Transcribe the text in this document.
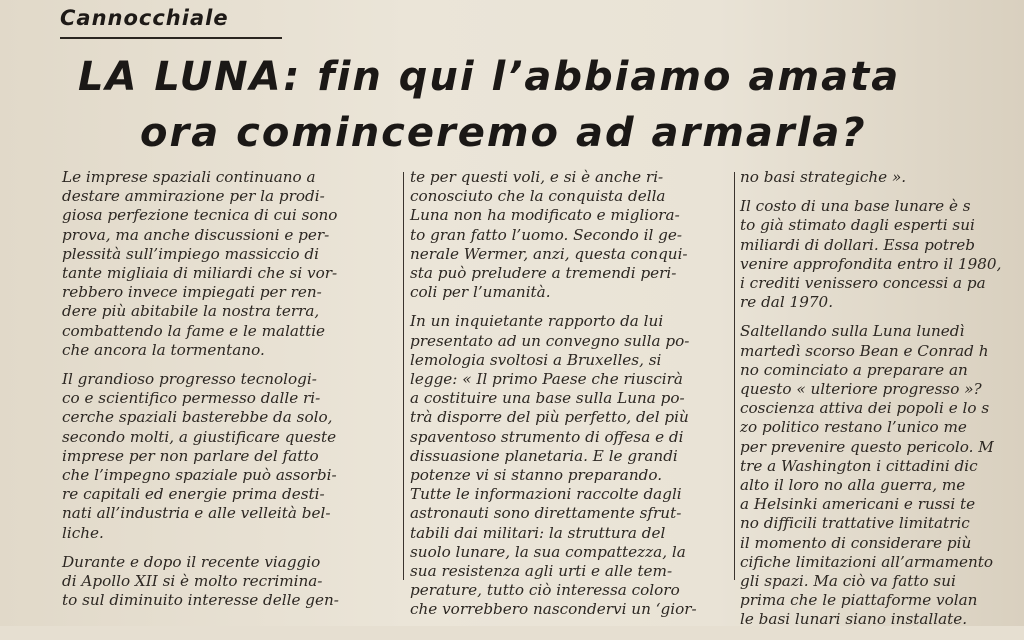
Cannocchiale
LA LUNA: fin qui l’abbiamo amata
ora cominceremo ad armarla?

Le imprese spaziali continuano a
destare ammirazione per la prodi-
giosa perfezione tecnica di cui sono
prova, ma anche discussioni e per-
plessità sull’impiego massiccio di
tante migliaia di miliardi che si vor-
rebbero invece impiegati per ren-
dere più abitabile la nostra terra,
combattendo la fame e le malattie
che ancora la tormentano.

Il grandioso progresso tecnologi-
co e scientifico permesso dalle ri-
cerche spaziali basterebbe da solo,
secondo molti, a giustificare queste
imprese per non parlare del fatto
che l’impegno spaziale può assorbi-
re capitali ed energie prima desti-
nati all’industria e alle velleità bel-
liche.

Durante e dopo il recente viaggio
di Apollo XII si è molto recrimina-
to sul diminuito interesse delle gen-

te per questi voli, e si è anche ri-
conosciuto che la conquista della
Luna non ha modificato e migliora-
to gran fatto l’uomo. Secondo il ge-
nerale Wermer, anzi, questa conqui-
sta può preludere a tremendi peri-
coli per l’umanità.

In un inquietante rapporto da lui
presentato ad un convegno sulla po-
lemologia svoltosi a Bruxelles, si
legge: « Il primo Paese che riuscirà
a costituire una base sulla Luna po-
trà disporre del più perfetto, del più
spaventoso strumento di offesa e di
dissuasione planetaria. E le grandi
potenze vi si stanno preparando.
Tutte le informazioni raccolte dagli
astronauti sono direttamente sfrut-
tabili dai militari: la struttura del
suolo lunare, la sua compattezza, la
sua resistenza agli urti e alle tem-
perature, tutto ciò interessa coloro
che vorrebbero nascondervi un ‘gior-

no basi strategiche ».

Il costo di una base lunare è s
to già stimato dagli esperti sui
miliardi di dollari. Essa potreb
venire approfondita entro il 1980,
i crediti venissero concessi a pa
re dal 1970.

Saltellando sulla Luna lunedì
martedì scorso Bean e Conrad h
no cominciato a preparare an
questo « ulteriore progresso »?
coscienza attiva dei popoli e lo s
zo politico restano l’unico me
per prevenire questo pericolo. M
tre a Washington i cittadini dic
alto il loro no alla guerra, me
a Helsinki americani e russi te
no difficili trattative limitatric
il momento di considerare più
cifiche limitazioni all’armamento
gli spazi. Ma ciò va fatto sui
prima che le piattaforme volan
le basi lunari siano installate.
